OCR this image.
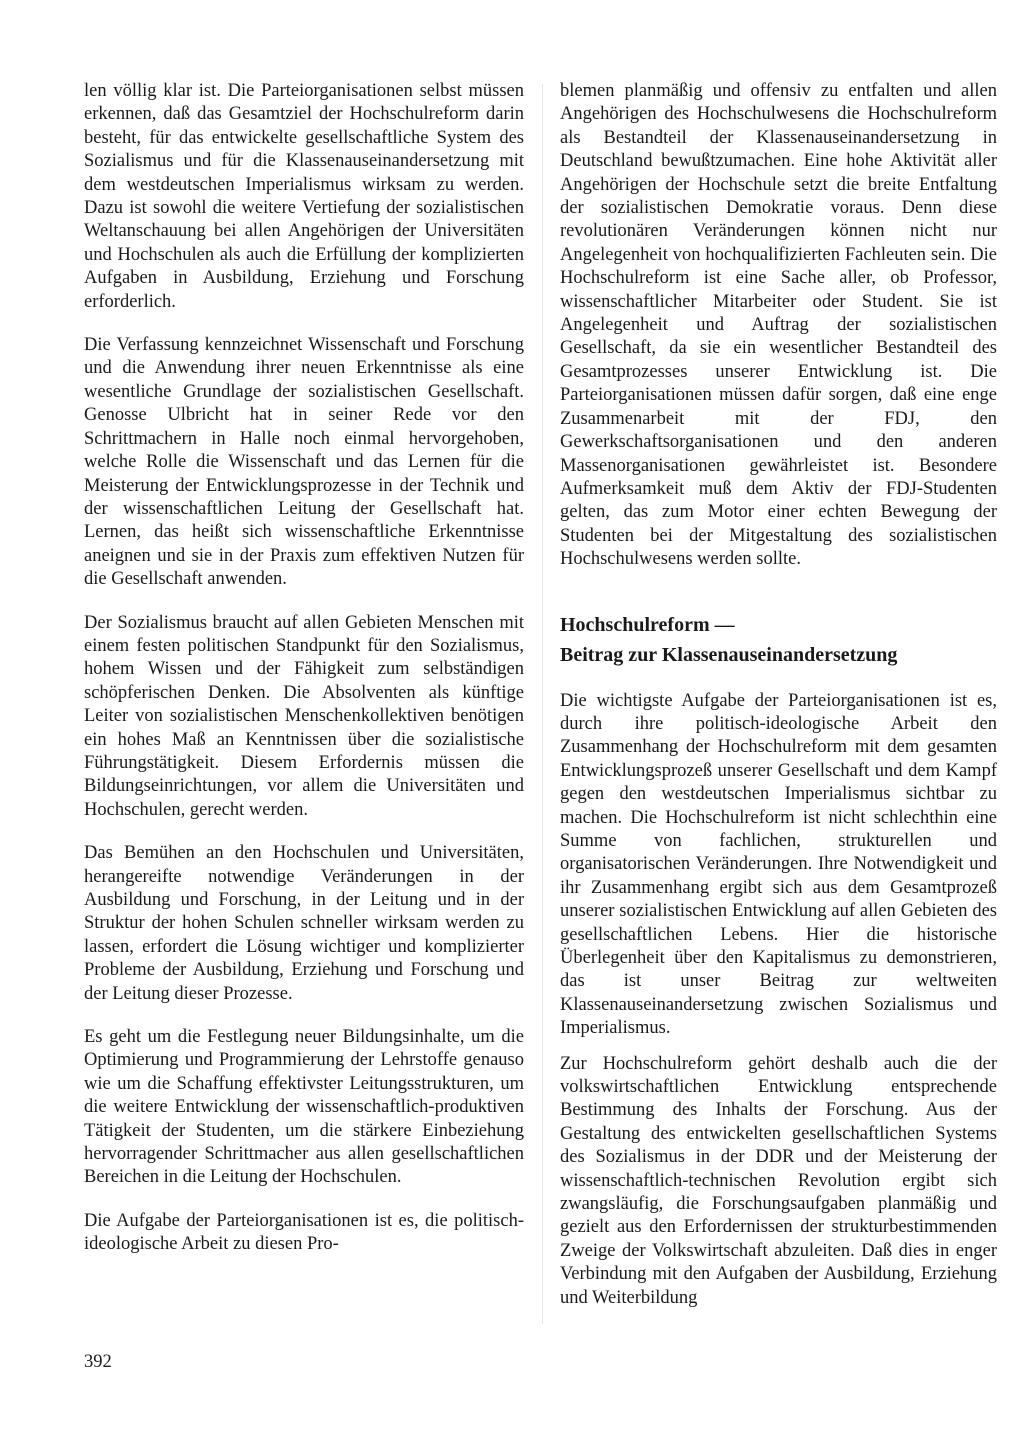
len völlig klar ist. Die Parteiorganisationen selbst müssen erkennen, daß das Gesamtziel der Hochschulreform darin besteht, für das entwickelte gesellschaftliche System des Sozialismus und für die Klassenauseinandersetzung mit dem westdeutschen Imperialismus wirksam zu werden. Dazu ist sowohl die weitere Vertiefung der sozialistischen Weltanschauung bei allen Angehörigen der Universitäten und Hochschulen als auch die Erfüllung der komplizierten Aufgaben in Ausbildung, Erziehung und Forschung erforderlich.

Die Verfassung kennzeichnet Wissenschaft und Forschung und die Anwendung ihrer neuen Erkenntnisse als eine wesentliche Grundlage der sozialistischen Gesellschaft. Genosse Ulbricht hat in seiner Rede vor den Schrittmachern in Halle noch einmal hervorgehoben, welche Rolle die Wissenschaft und das Lernen für die Meisterung der Entwicklungsprozesse in der Technik und der wissenschaftlichen Leitung der Gesellschaft hat. Lernen, das heißt sich wissenschaftliche Erkenntnisse aneignen und sie in der Praxis zum effektiven Nutzen für die Gesellschaft anwenden.

Der Sozialismus braucht auf allen Gebieten Menschen mit einem festen politischen Standpunkt für den Sozialismus, hohem Wissen und der Fähigkeit zum selbständigen schöpferischen Denken. Die Absolventen als künftige Leiter von sozialistischen Menschenkollektiven benötigen ein hohes Maß an Kenntnissen über die sozialistische Führungstätigkeit. Diesem Erfordernis müssen die Bildungseinrichtungen, vor allem die Universitäten und Hochschulen, gerecht werden.

Das Bemühen an den Hochschulen und Universitäten, herangereifte notwendige Veränderungen in der Ausbildung und Forschung, in der Leitung und in der Struktur der hohen Schulen schneller wirksam werden zu lassen, erfordert die Lösung wichtiger und komplizierter Probleme der Ausbildung, Erziehung und Forschung und der Leitung dieser Prozesse.

Es geht um die Festlegung neuer Bildungsinhalte, um die Optimierung und Programmierung der Lehrstoffe genauso wie um die Schaffung effektivster Leitungsstrukturen, um die weitere Entwicklung der wissenschaftlich-produktiven Tätigkeit der Studenten, um die stärkere Einbeziehung hervorragender Schrittmacher aus allen gesellschaftlichen Bereichen in die Leitung der Hochschulen.

Die Aufgabe der Parteiorganisationen ist es, die politisch-ideologische Arbeit zu diesen Pro-

blemen planmäßig und offensiv zu entfalten und allen Angehörigen des Hochschulwesens die Hochschulreform als Bestandteil der Klassenauseinandersetzung in Deutschland bewußtzumachen. Eine hohe Aktivität aller Angehörigen der Hochschule setzt die breite Entfaltung der sozialistischen Demokratie voraus. Denn diese revolutionären Veränderungen können nicht nur Angelegenheit von hochqualifizierten Fachleuten sein. Die Hochschulreform ist eine Sache aller, ob Professor, wissenschaftlicher Mitarbeiter oder Student. Sie ist Angelegenheit und Auftrag der sozialistischen Gesellschaft, da sie ein wesentlicher Bestandteil des Gesamtprozesses unserer Entwicklung ist. Die Parteiorganisationen müssen dafür sorgen, daß eine enge Zusammenarbeit mit der FDJ, den Gewerkschaftsorganisationen und den anderen Massenorganisationen gewährleistet ist. Besondere Aufmerksamkeit muß dem Aktiv der FDJ-Studenten gelten, das zum Motor einer echten Bewegung der Studenten bei der Mitgestaltung des sozialistischen Hochschulwesens werden sollte.

Hochschulreform —
Beitrag zur Klassenauseinandersetzung

Die wichtigste Aufgabe der Parteiorganisationen ist es, durch ihre politisch-ideologische Arbeit den Zusammenhang der Hochschulreform mit dem gesamten Entwicklungsprozeß unserer Gesellschaft und dem Kampf gegen den westdeutschen Imperialismus sichtbar zu machen. Die Hochschulreform ist nicht schlechthin eine Summe von fachlichen, strukturellen und organisatorischen Veränderungen. Ihre Notwendigkeit und ihr Zusammenhang ergibt sich aus dem Gesamtprozeß unserer sozialistischen Entwicklung auf allen Gebieten des gesellschaftlichen Lebens. Hier die historische Überlegenheit über den Kapitalismus zu demonstrieren, das ist unser Beitrag zur weltweiten Klassenauseinandersetzung zwischen Sozialismus und Imperialismus.

Zur Hochschulreform gehört deshalb auch die der volkswirtschaftlichen Entwicklung entsprechende Bestimmung des Inhalts der Forschung. Aus der Gestaltung des entwickelten gesellschaftlichen Systems des Sozialismus in der DDR und der Meisterung der wissenschaftlich-technischen Revolution ergibt sich zwangsläufig, die Forschungsaufgaben planmäßig und gezielt aus den Erfordernissen der strukturbestimmenden Zweige der Volkswirtschaft abzuleiten. Daß dies in enger Verbindung mit den Aufgaben der Ausbildung, Erziehung und Weiterbildung

392
